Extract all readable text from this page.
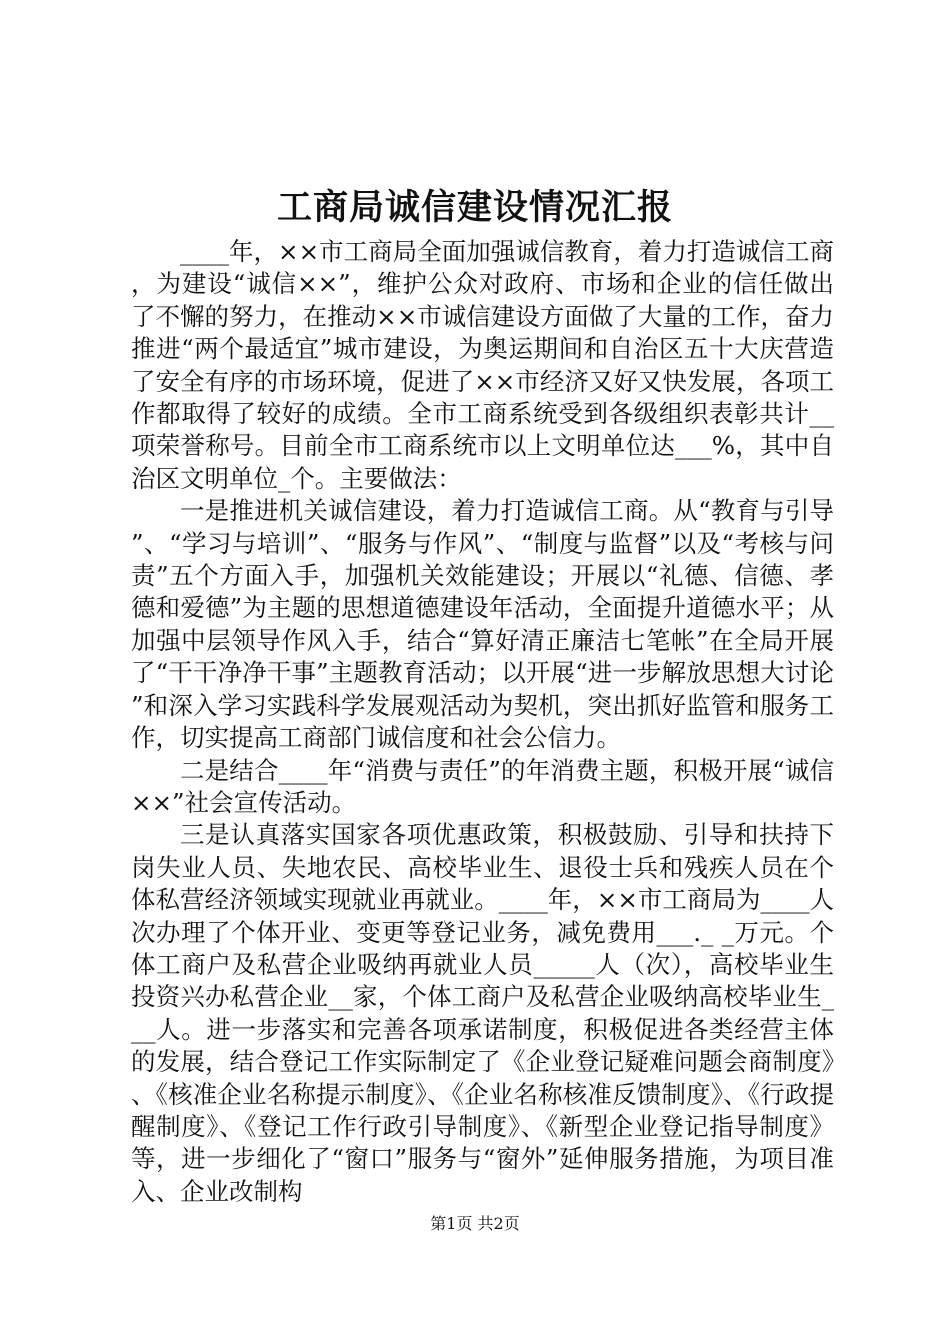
工商局诚信建设情况汇报

____年，××市工商局全面加强诚信教育，着力打造诚信工商，为建设“诚信××”，维护公众对政府、市场和企业的信任做出了不懈的努力，在推动××市诚信建设方面做了大量的工作，奋力推进“两个最适宜”城市建设，为奥运期间和自治区五十大庆营造了安全有序的市场环境，促进了××市经济又好又快发展，各项工作都取得了较好的成绩。全市工商系统受到各级组织表彰共计__项荣誉称号。目前全市工商系统市以上文明单位达___%，其中自治区文明单位_个。主要做法：

一是推进机关诚信建设，着力打造诚信工商。从“教育与引导”、“学习与培训”、“服务与作风”、“制度与监督”以及“考核与问责”五个方面入手，加强机关效能建设；开展以“礼德、信德、孝德和爱德”为主题的思想道德建设年活动，全面提升道德水平；从加强中层领导作风入手，结合“算好清正廉洁七笔帐”在全局开展了“干干净净干事”主题教育活动；以开展“进一步解放思想大讨论”和深入学习实践科学发展观活动为契机，突出抓好监管和服务工作，切实提高工商部门诚信度和社会公信力。

二是结合____年“消费与责任”的年消费主题，积极开展“诚信××”社会宣传活动。

三是认真落实国家各项优惠政策，积极鼓励、引导和扶持下岗失业人员、失地农民、高校毕业生、退役士兵和残疾人员在个体私营经济领域实现就业再就业。____年，××市工商局为____人次办理了个体开业、变更等登记业务，减免费用___._ _万元。个体工商户及私营企业吸纳再就业人员_____人（次），高校毕业生投资兴办私营企业__家，个体工商户及私营企业吸纳高校毕业生___人。进一步落实和完善各项承诺制度，积极促进各类经营主体的发展，结合登记工作实际制定了《企业登记疑难问题会商制度》、《核准企业名称提示制度》、《企业名称核准反馈制度》、《行政提醒制度》、《登记工作行政引导制度》、《新型企业登记指导制度》等，进一步细化了“窗口”服务与“窗外”延伸服务措施，为项目准入、企业改制构

第1页 共2页
